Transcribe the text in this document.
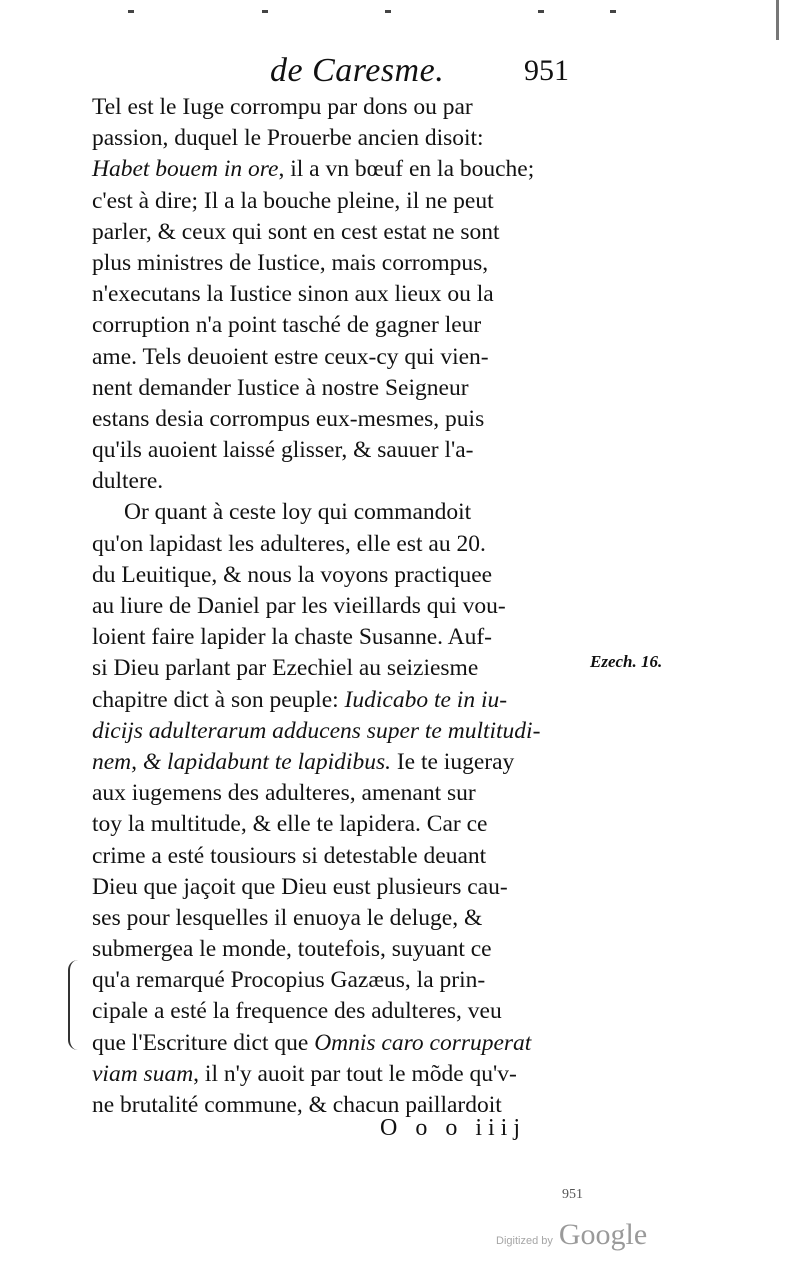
de Caresme.	951
Tel est le Iuge corrompu par dons ou par
passion, duquel le Prouerbe ancien disoit:
Habet bouem in ore, il a vn bœuf en la bouche;
c'est à dire; Il a la bouche pleine, il ne peut
parler, & ceux qui sont en cest estat ne sont
plus ministres de Iustice, mais corrompus,
n'executans la Iustice sinon aux lieux ou la
corruption n'a point tasché de gagner leur
ame. Tels deuoient estre ceux-cy qui vien-
nent demander Iustice à nostre Seigneur
estans desia corrompus eux-mesmes, puis
qu'ils auoient laissé glisser, & sauuer l'a-
dultere.
Or quant à ceste loy qui commandoit
qu'on lapidast les adulteres, elle est au 20.
du Leuitique, & nous la voyons practiquee
au liure de Daniel par les vieillards qui vou-
loient faire lapider la chaste Susanne. Auf-
si Dieu parlant par Ezechiel au seiziesme
chapitre dict à son peuple: Iudicabo te in iu-
dicijs adulterarum adducens super te multitudi-
nem, & lapidabunt te lapidibus. Ie te iugeray
aux iugemens des adulteres, amenant sur
toy la multitude, & elle te lapidera. Car ce
crime a esté tousiours si detestable deuant
Dieu que jaçoit que Dieu eust plusieurs cau-
ses pour lesquelles il enuoya le deluge, &
submergea le monde, toutefois, suyuant ce
qu'a remarqué Procopius Gazæus, la prin-
cipale a esté la frequence des adulteres, veu
que l'Escriture dict que Omnis caro corruperat
viam suam, il n'y auoit par tout le mõde qu'v-
ne brutalité commune, & chacun paillardoit
Ezech. 16.
O o o iiij
951
Digitized by Google
